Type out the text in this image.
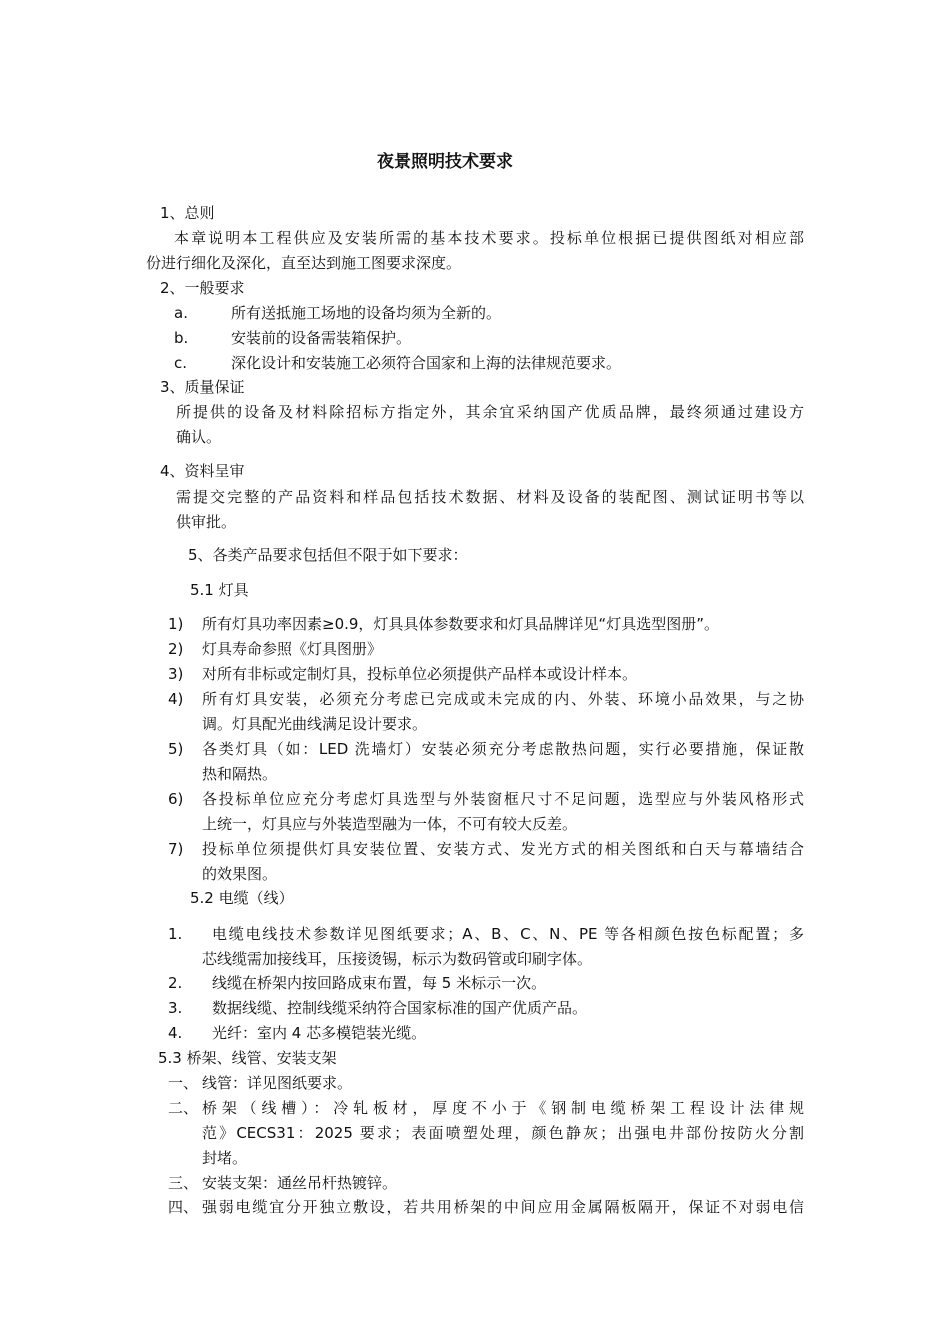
夜景照明技术要求
1、总则
本章说明本工程供应及安装所需的基本技术要求。投标单位根据已提供图纸对相应部
份进行细化及深化，直至达到施工图要求深度。
2、一般要求
a.	所有送抵施工场地的设备均须为全新的。
b.	安装前的设备需装箱保护。
c.	深化设计和安装施工必须符合国家和上海的法律规范要求。
3、质量保证
所提供的设备及材料除招标方指定外，其余宜采纳国产优质品牌，最终须通过建设方
确认。
4、资料呈审
需提交完整的产品资料和样品包括技术数据、材料及设备的装配图、测试证明书等以
供审批。
5、各类产品要求包括但不限于如下要求：
5.1 灯具
1) 所有灯具功率因素≥0.9，灯具具体参数要求和灯具品牌详见“灯具选型图册”。
2) 灯具寿命参照《灯具图册》
3) 对所有非标或定制灯具，投标单位必须提供产品样本或设计样本。
4) 所有灯具安装，必须充分考虑已完成或未完成的内、外装、环境小品效果，与之协
调。灯具配光曲线满足设计要求。
5) 各类灯具（如：LED 洗墙灯）安装必须充分考虑散热问题，实行必要措施，保证散
热和隔热。
6) 各投标单位应充分考虑灯具选型与外装窗框尺寸不足问题，选型应与外装风格形式
上统一，灯具应与外装造型融为一体，不可有较大反差。
7) 投标单位须提供灯具安装位置、安装方式、发光方式的相关图纸和白天与幕墙结合
的效果图。
5.2 电缆（线）
1. 电缆电线技术参数详见图纸要求；A、B、C、N、PE 等各相颜色按色标配置；多
芯线缆需加接线耳，压接烫锡，标示为数码管或印刷字体。
2. 线缆在桥架内按回路成束布置，每 5 米标示一次。
3. 数据线缆、控制线缆采纳符合国家标准的国产优质产品。
4. 光纤：室内 4 芯多模铠装光缆。
5.3 桥架、线管、安装支架
一、 线管：详见图纸要求。
二、 桥架（线槽）：冷轧板材，厚度不小于《钢制电缆桥架工程设计法律规
范》CECS31：2025 要求；表面喷塑处理，颜色静灰；出强电井部份按防火分割
封堵。
三、 安装支架：通丝吊杆热镀锌。
四、 强弱电缆宜分开独立敷设，若共用桥架的中间应用金属隔板隔开，保证不对弱电信
